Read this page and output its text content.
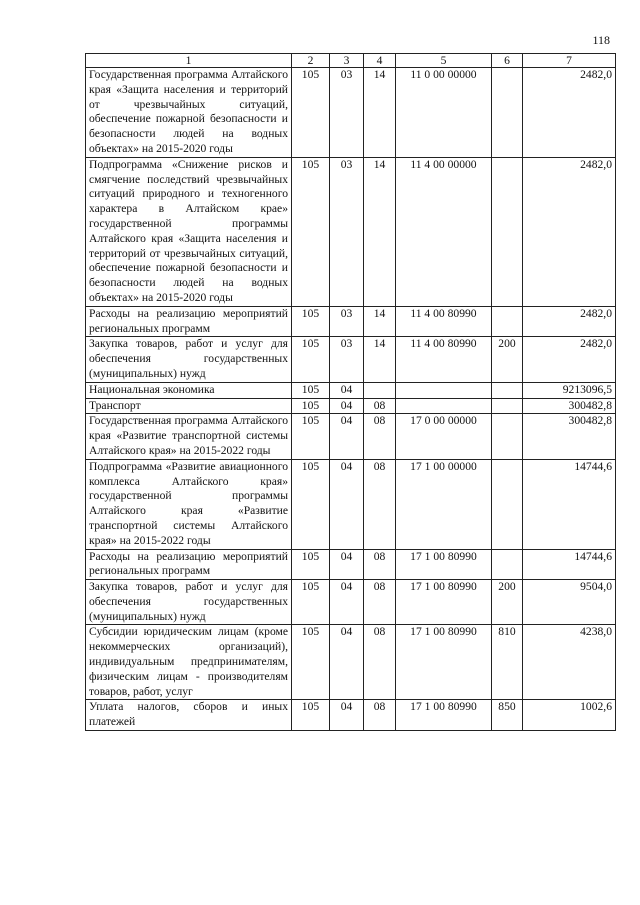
118
1	2	3	4	5	6	7
Государственная программа Алтайского края «Защита населения и территорий от чрезвычайных ситуаций, обеспечение пожарной безопасности и безопасности людей на водных объектах» на 2015-2020 годы	105	03	14	11 0 00 00000		2482,0
Подпрограмма «Снижение рисков и смягчение последствий чрезвычайных ситуаций природного и техногенного характера в Алтайском крае» государственной программы Алтайского края «Защита населения и территорий от чрезвычайных ситуаций, обеспечение пожарной безопасности и безопасности людей на водных объектах» на 2015-2020 годы	105	03	14	11 4 00 00000		2482,0
Расходы на реализацию мероприятий региональных программ	105	03	14	11 4 00 80990		2482,0
Закупка товаров, работ и услуг для обеспечения государственных (муниципальных) нужд	105	03	14	11 4 00 80990	200	2482,0
Национальная экономика	105	04				9213096,5
Транспорт	105	04	08			300482,8
Государственная программа Алтайского края «Развитие транспортной системы Алтайского края» на 2015-2022 годы	105	04	08	17 0 00 00000		300482,8
Подпрограмма «Развитие авиационного комплекса Алтайского края» государственной программы Алтайского края «Развитие транспортной системы Алтайского края» на 2015-2022 годы	105	04	08	17 1 00 00000		14744,6
Расходы на реализацию мероприятий региональных программ	105	04	08	17 1 00 80990		14744,6
Закупка товаров, работ и услуг для обеспечения государственных (муниципальных) нужд	105	04	08	17 1 00 80990	200	9504,0
Субсидии юридическим лицам (кроме некоммерческих организаций), индивидуальным предпринимателям, физическим лицам - производителям товаров, работ, услуг	105	04	08	17 1 00 80990	810	4238,0
Уплата налогов, сборов и иных платежей	105	04	08	17 1 00 80990	850	1002,6
